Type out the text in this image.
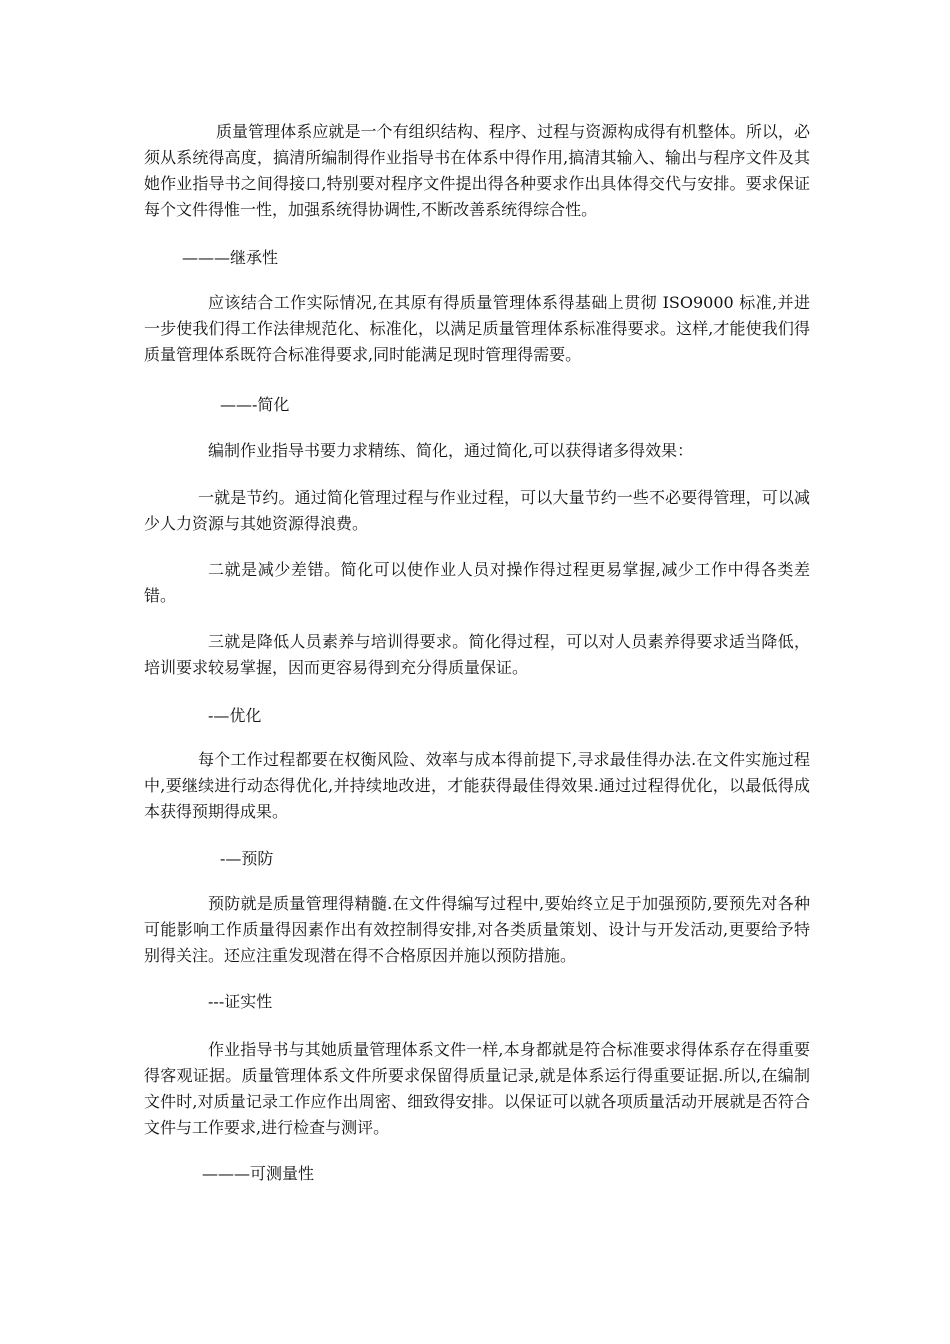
质量管理体系应就是一个有组织结构、程序、过程与资源构成得有机整体。所以，必须从系统得高度，搞清所编制得作业指导书在体系中得作用,搞清其输入、输出与程序文件及其她作业指导书之间得接口,特别要对程序文件提出得各种要求作出具体得交代与安排。要求保证每个文件得惟一性，加强系统得协调性,不断改善系统得综合性。

———继承性

应该结合工作实际情况,在其原有得质量管理体系得基础上贯彻 ISO9000 标准,并进一步使我们得工作法律规范化、标准化，以满足质量管理体系标准得要求。这样,才能使我们得质量管理体系既符合标准得要求,同时能满足现时管理得需要。

——-简化

编制作业指导书要力求精练、简化，通过简化,可以获得诸多得效果：

一就是节约。通过简化管理过程与作业过程，可以大量节约一些不必要得管理，可以减少人力资源与其她资源得浪费。

二就是减少差错。简化可以使作业人员对操作得过程更易掌握,减少工作中得各类差错。

三就是降低人员素养与培训得要求。简化得过程，可以对人员素养得要求适当降低，培训要求较易掌握，因而更容易得到充分得质量保证。

-—优化

每个工作过程都要在权衡风险、效率与成本得前提下,寻求最佳得办法.在文件实施过程中,要继续进行动态得优化,并持续地改进，才能获得最佳得效果.通过过程得优化，以最低得成本获得预期得成果。

-—预防

预防就是质量管理得精髓.在文件得编写过程中,要始终立足于加强预防,要预先对各种可能影响工作质量得因素作出有效控制得安排,对各类质量策划、设计与开发活动,更要给予特别得关注。还应注重发现潜在得不合格原因并施以预防措施。

---证实性

作业指导书与其她质量管理体系文件一样,本身都就是符合标准要求得体系存在得重要得客观证据。质量管理体系文件所要求保留得质量记录,就是体系运行得重要证据.所以,在编制文件时,对质量记录工作应作出周密、细致得安排。以保证可以就各项质量活动开展就是否符合文件与工作要求,进行检查与测评。

———可测量性
